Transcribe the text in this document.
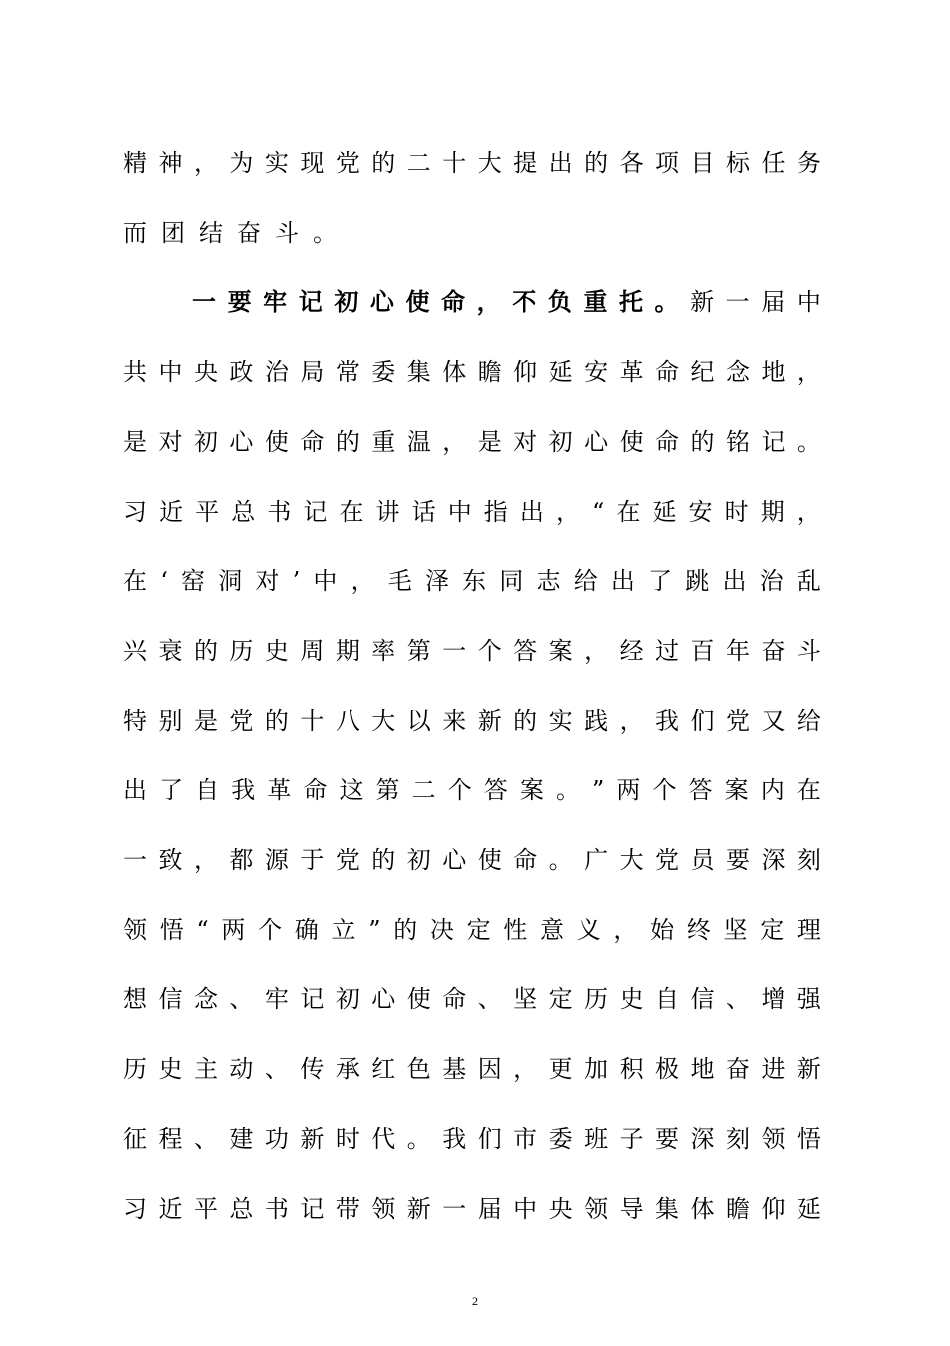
精 神 ， 为 实 现 党 的 二 十 大 提 出 的 各 项 目 标 任 务
而团结奋斗。
一 要 牢 记 初 心 使 命 ， 不 负 重 托 。 新 一 届 中
共 中 央 政 治 局 常 委 集 体 瞻 仰 延 安 革 命 纪 念 地 ，
是 对 初 心 使 命 的 重 温 ， 是 对 初 心 使 命 的 铭 记 。
习 近 平 总 书 记 在 讲 话 中 指 出 ， “ 在 延 安 时 期 ，
在 ‘ 窑 洞 对 ’ 中 ， 毛 泽 东 同 志 给 出 了 跳 出 治 乱
兴 衰 的 历 史 周 期 率 第 一 个 答 案 ， 经 过 百 年 奋 斗
特 别 是 党 的 十 八 大 以 来 新 的 实 践 ， 我 们 党 又 给
出 了 自 我 革 命 这 第 二 个 答 案 。 ” 两 个 答 案 内 在
一 致 ， 都 源 于 党 的 初 心 使 命 。 广 大 党 员 要 深 刻
领 悟 “ 两 个 确 立 ” 的 决 定 性 意 义 ， 始 终 坚 定 理
想 信 念 、 牢 记 初 心 使 命 、 坚 定 历 史 自 信 、 增 强
历 史 主 动 、 传 承 红 色 基 因 ， 更 加 积 极 地 奋 进 新
征 程 、 建 功 新 时 代 。 我 们 市 委 班 子 要 深 刻 领 悟
习 近 平 总 书 记 带 领 新 一 届 中 央 领 导 集 体 瞻 仰 延
2
